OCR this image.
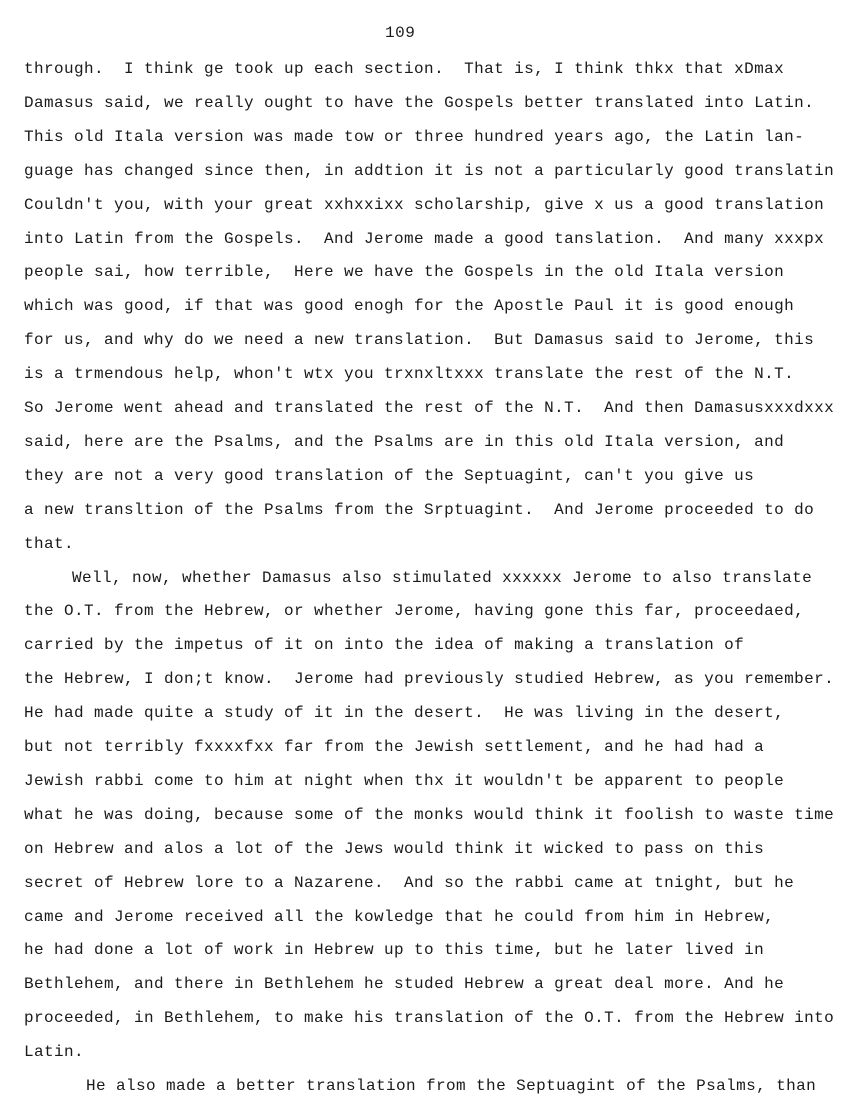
109
through.  I think ge took up each section.  That is, I think thkx that xDmax
Damasus said, we really ought to have the Gospels better translated into Latin.
This old Itala version was made tow or three hundred years ago, the Latin lan-
guage has changed since then, in addtion it is not a particularly good translatin
Couldn't you, with your great xxhxxixx scholarship, give x us a good translation
into Latin from the Gospels.  And Jerome made a good tanslation.  And many xxxpx
people sai, how terrible,  Here we have the Gospels in the old Itala version
which was good, if that was good enogh for the Apostle Paul it is good enough
for us, and why do we need a new translation.  But Damasus said to Jerome, this
is a trmendous help, whon't wtx you trxnxltxxx translate the rest of the N.T.
So Jerome went ahead and translated the rest of the N.T.  And then Damasusxxxdxxx
said, here are the Psalms, and the Psalms are in this old Itala version, and
they are not a very good translation of the Septuagint, can't you give us
a new transltion of the Psalms from the Srptuagint.  And Jerome proceeded to do
that.
Well, now, whether Damasus also stimulated xxxxxx Jerome to also translate
the O.T. from the Hebrew, or whether Jerome, having gone this far, proceedaed,
carried by the impetus of it on into the idea of making a translation of
the Hebrew, I don;t know.  Jerome had previously studied Hebrew, as you remember.
He had made quite a study of it in the desert.  He was living in the desert,
but not terribly fxxxxfxx far from the Jewish settlement, and he had had a
Jewish rabbi come to him at night when thx it wouldn't be apparent to people
what he was doing, because some of the monks would think it foolish to waste time
on Hebrew and alos a lot of the Jews would think it wicked to pass on this
secret of Hebrew lore to a Nazarene.  And so the rabbi came at tnight, but he
came and Jerome received all the kowledge that he could from him in Hebrew,
he had done a lot of work in Hebrew up to this time, but he later lived in
Bethlehem, and there in Bethlehem he studed Hebrew a great deal more. And he
proceeded, in Bethlehem, to make his translation of the O.T. from the Hebrew into
Latin.
He also made a better translation from the Septuagint of the Psalms, than
